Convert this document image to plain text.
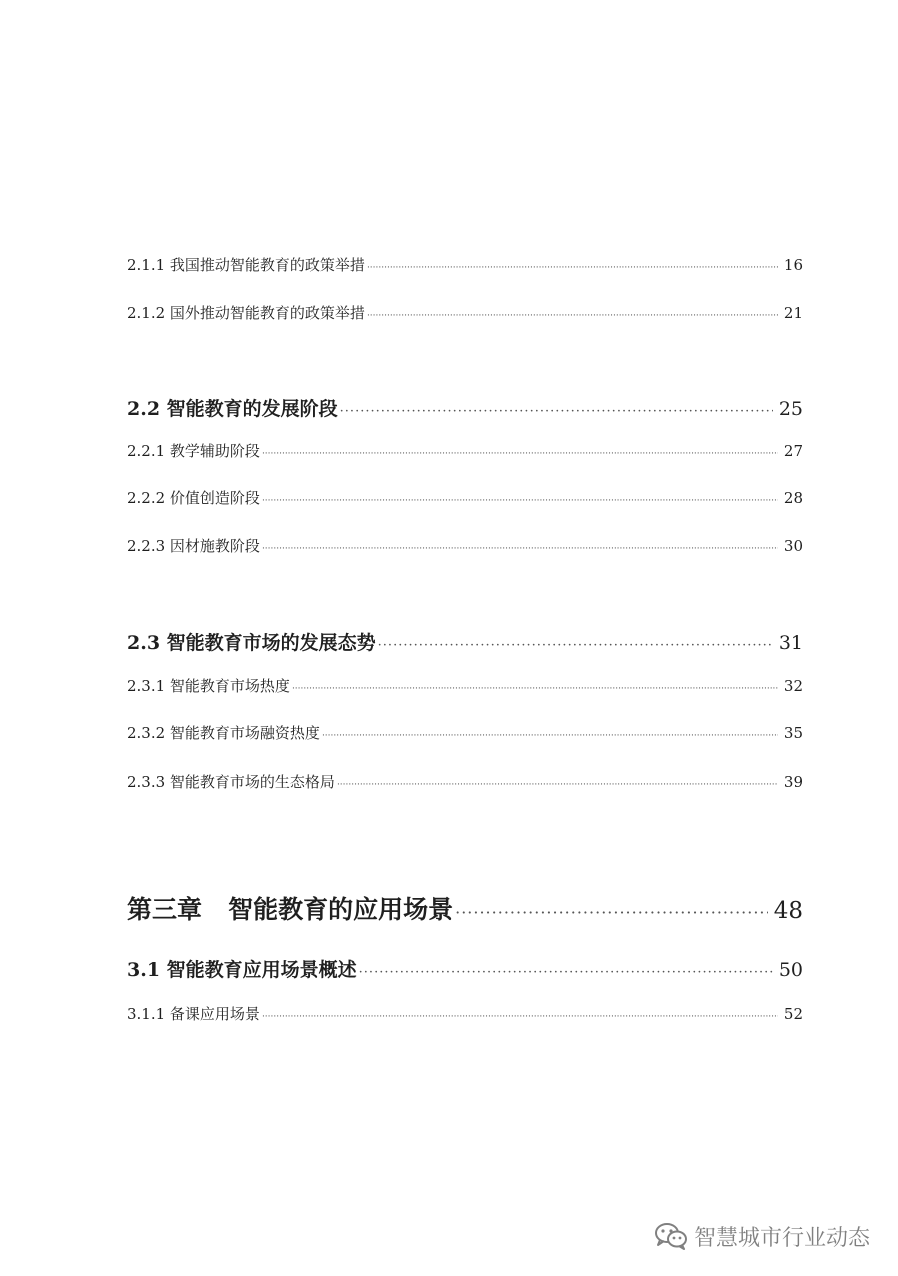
2.1.1 我国推动智能教育的政策举措 ·····	16
2.1.2 国外推动智能教育的政策举措 ·····	21
2.2 智能教育的发展阶段 ·····	25
2.2.1 教学辅助阶段 ·····	27
2.2.2 价值创造阶段 ·····	28
2.2.3 因材施教阶段 ·····	30
2.3 智能教育市场的发展态势 ·····	31
2.3.1 智能教育市场热度 ·····	32
2.3.2 智能教育市场融资热度 ·····	35
2.3.3 智能教育市场的生态格局 ·····	39
第三章   智能教育的应用场景 ·····	48
3.1 智能教育应用场景概述 ·····	50
3.1.1 备课应用场景 ·····	52
智慧城市行业动态
